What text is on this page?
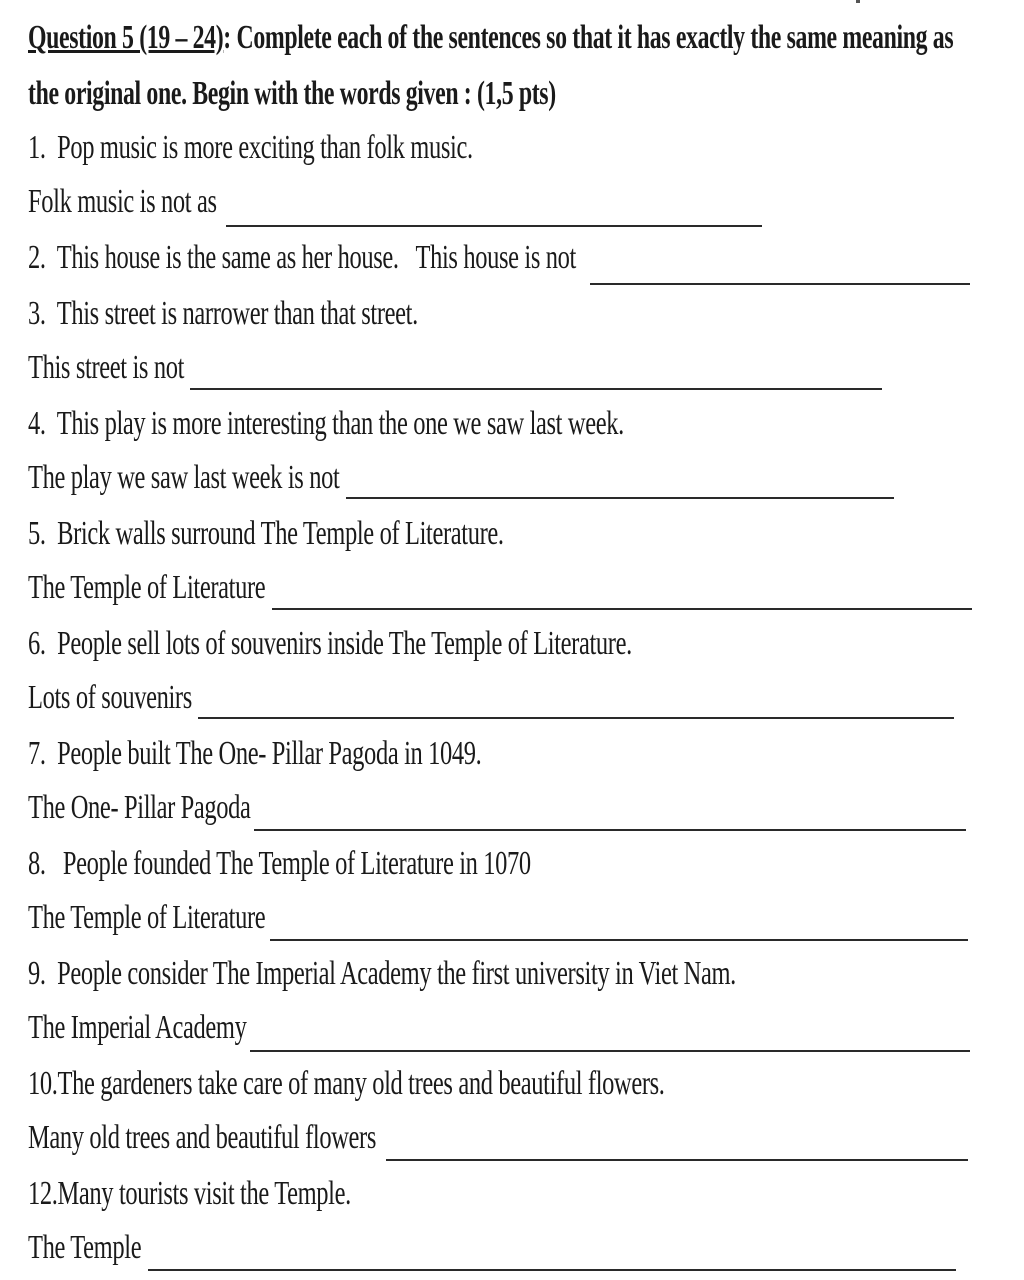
Question 5 (19 – 24): Complete each of the sentences so that it has exactly the same meaning as
the original one. Begin with the words given : (1,5 pts)
1. Pop music is more exciting than folk music.
Folk music is not as
2. This house is the same as her house. This house is not
3. This street is narrower than that street.
This street is not
4. This play is more interesting than the one we saw last week.
The play we saw last week is not
5. Brick walls surround The Temple of Literature.
The Temple of Literature
6. People sell lots of souvenirs inside The Temple of Literature.
Lots of souvenirs
7. People built The One- Pillar Pagoda in 1049.
The One- Pillar Pagoda
8. People founded The Temple of Literature in 1070
The Temple of Literature
9. People consider The Imperial Academy the first university in Viet Nam.
The Imperial Academy
10.The gardeners take care of many old trees and beautiful flowers.
Many old trees and beautiful flowers
12.Many tourists visit the Temple.
The Temple
